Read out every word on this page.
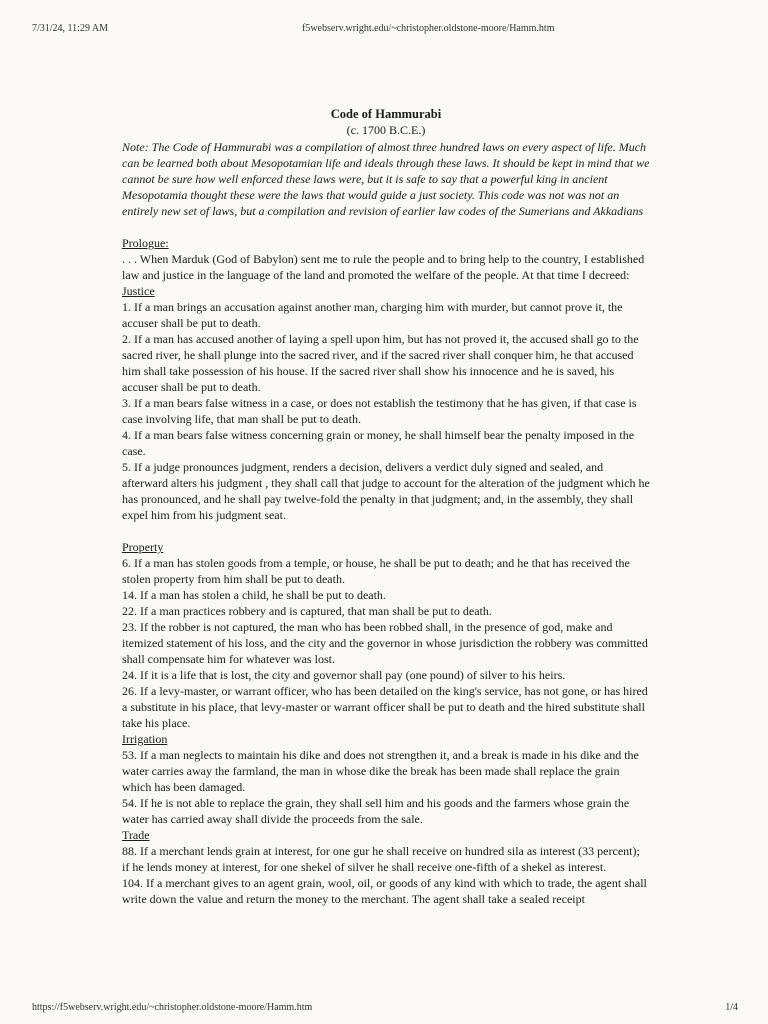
7/31/24, 11:29 AM	f5webserv.wright.edu/~christopher.oldstone-moore/Hamm.htm

Code of Hammurabi

(c. 1700 B.C.E.)

Note: The Code of Hammurabi was a compilation of almost three hundred laws on every aspect of life. Much can be learned both about Mesopotamian life and ideals through these laws. It should be kept in mind that we cannot be sure how well enforced these laws were, but it is safe to say that a powerful king in ancient Mesopotamia thought these were the laws that would guide a just society. This code was not was not an entirely new set of laws, but a compilation and revision of earlier law codes of the Sumerians and Akkadians

Prologue:

. . . When Marduk (God of Babylon) sent me to rule the people and to bring help to the country, I established law and justice in the language of the land and promoted the welfare of the people. At that time I decreed:

Justice

1. If a man brings an accusation against another man, charging him with murder, but cannot prove it, the accuser shall be put to death.

2. If a man has accused another of laying a spell upon him, but has not proved it, the accused shall go to the sacred river, he shall plunge into the sacred river, and if the sacred river shall conquer him, he that accused him shall take possession of his house. If the sacred river shall show his innocence and he is saved, his accuser shall be put to death.

3. If a man bears false witness in a case, or does not establish the testimony that he has given, if that case is case involving life, that man shall be put to death.

4. If a man bears false witness concerning grain or money, he shall himself bear the penalty imposed in the case.

5. If a judge pronounces judgment, renders a decision, delivers a verdict duly signed and sealed, and afterward alters his judgment , they shall call that judge to account for the alteration of the judgment which he has pronounced, and he shall pay twelve-fold the penalty in that judgment; and, in the assembly, they shall expel him from his judgment seat.

Property

6. If a man has stolen goods from a temple, or house, he shall be put to death; and he that has received the stolen property from him shall be put to death.

14. If a man has stolen a child, he shall be put to death.

22. If a man practices robbery and is captured, that man shall be put to death.

23. If the robber is not captured, the man who has been robbed shall, in the presence of god, make and itemized statement of his loss, and the city and the governor in whose jurisdiction the robbery was committed shall compensate him for whatever was lost.

24. If it is a life that is lost, the city and governor shall pay (one pound) of silver to his heirs.

26. If a levy-master, or warrant officer, who has been detailed on the king's service, has not gone, or has hired a substitute in his place, that levy-master or warrant officer shall be put to death and the hired substitute shall take his place.

Irrigation

53. If a man neglects to maintain his dike and does not strengthen it, and a break is made in his dike and the water carries away the farmland, the man in whose dike the break has been made shall replace the grain which has been damaged.

54. If he is not able to replace the grain, they shall sell him and his goods and the farmers whose grain the water has carried away shall divide the proceeds from the sale.

Trade

88. If a merchant lends grain at interest, for one gur he shall receive on hundred sila as interest (33 percent); if he lends money at interest, for one shekel of silver he shall receive one-fifth of a shekel as interest.

104. If a merchant gives to an agent grain, wool, oil, or goods of any kind with which to trade, the agent shall write down the value and return the money to the merchant. The agent shall take a sealed receipt

https://f5webserv.wright.edu/~christopher.oldstone-moore/Hamm.htm	1/4
